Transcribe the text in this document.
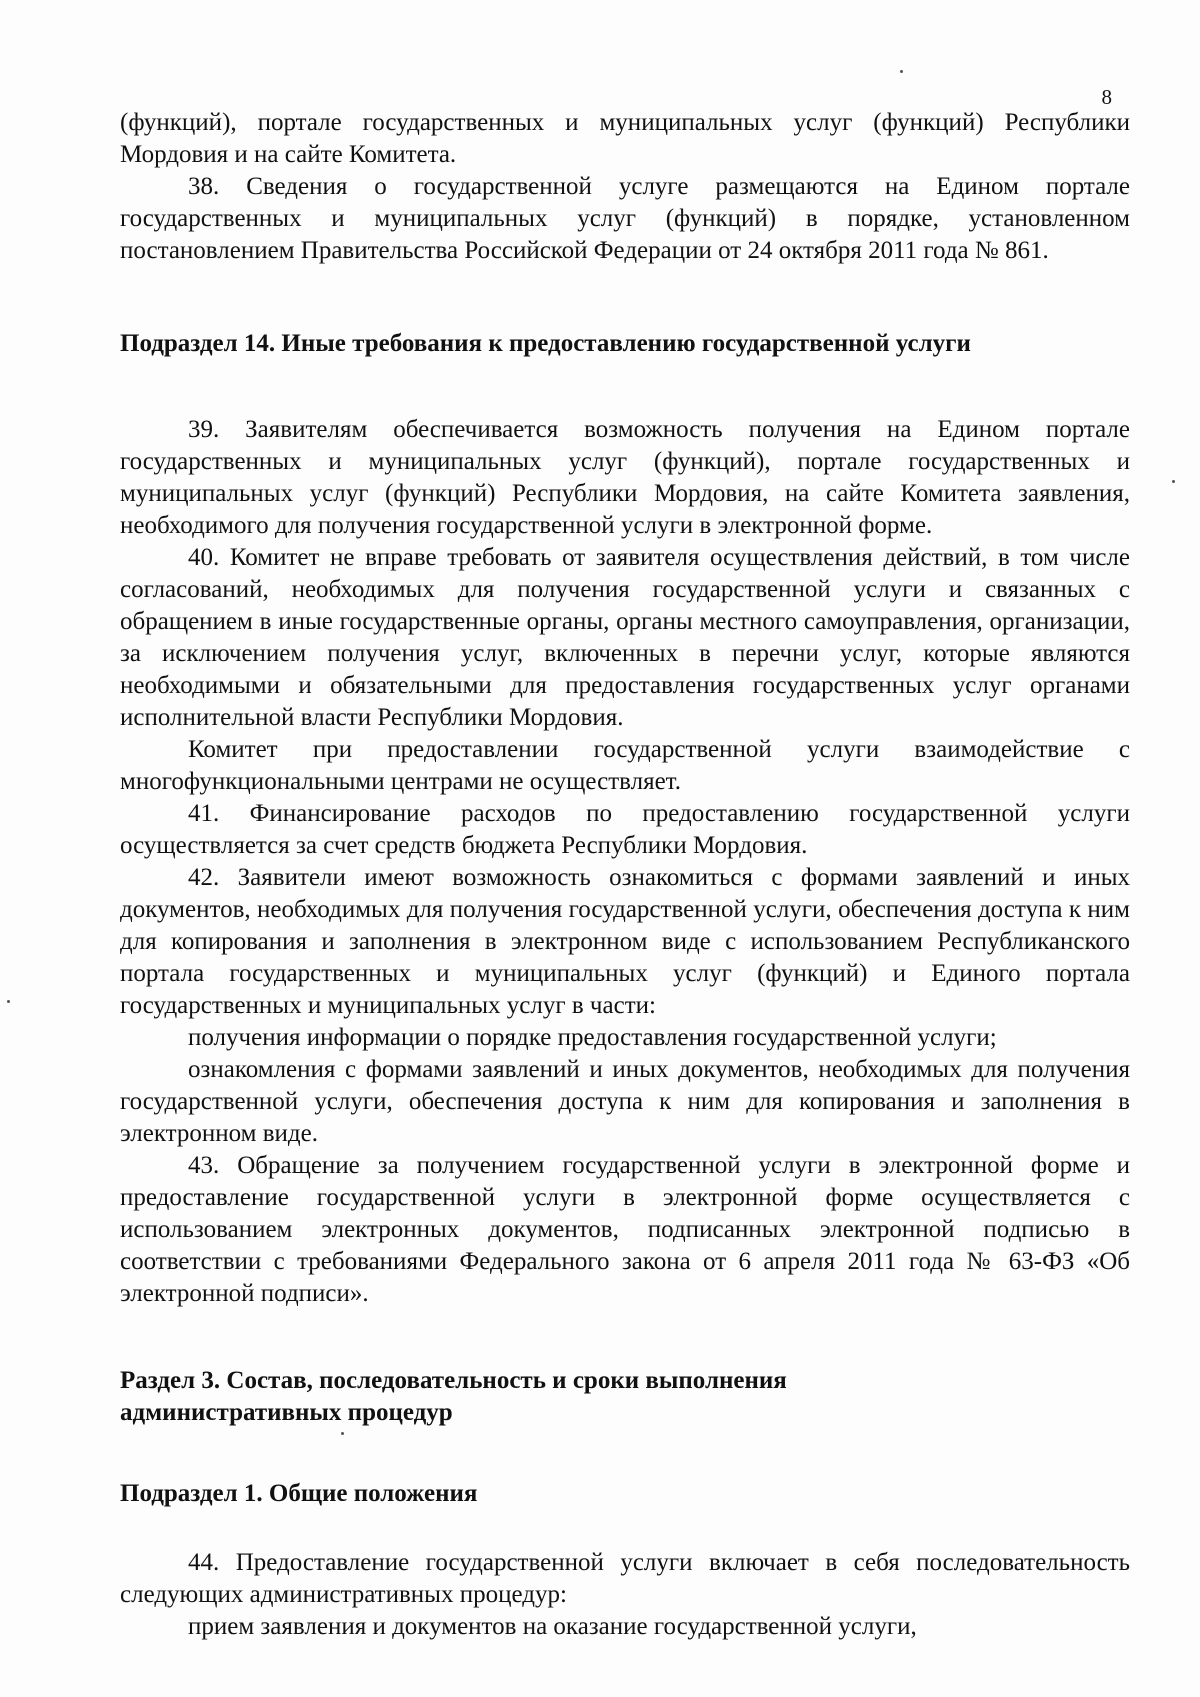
8

(функций), портале государственных и муниципальных услуг (функций) Республики Мордовия и на сайте Комитета.

38. Сведения о государственной услуге размещаются на Едином портале государственных и муниципальных услуг (функций) в порядке, установленном постановлением Правительства Российской Федерации от 24 октября 2011 года № 861.

Подраздел 14. Иные требования к предоставлению государственной услуги

39. Заявителям обеспечивается возможность получения на Едином портале государственных и муниципальных услуг (функций), портале государственных и муниципальных услуг (функций) Республики Мордовия, на сайте Комитета заявления, необходимого для получения государственной услуги в электронной форме.

40. Комитет не вправе требовать от заявителя осуществления действий, в том числе согласований, необходимых для получения государственной услуги и связанных с обращением в иные государственные органы, органы местного самоуправления, организации, за исключением получения услуг, включенных в перечни услуг, которые являются необходимыми и обязательными для предоставления государственных услуг органами исполнительной власти Республики Мордовия.

Комитет при предоставлении государственной услуги взаимодействие с многофункциональными центрами не осуществляет.

41. Финансирование расходов по предоставлению государственной услуги осуществляется за счет средств бюджета Республики Мордовия.

42. Заявители имеют возможность ознакомиться с формами заявлений и иных документов, необходимых для получения государственной услуги, обеспечения доступа к ним для копирования и заполнения в электронном виде с использованием Республиканского портала государственных и муниципальных услуг (функций) и Единого портала государственных и муниципальных услуг в части:

получения информации о порядке предоставления государственной услуги;

ознакомления с формами заявлений и иных документов, необходимых для получения государственной услуги, обеспечения доступа к ним для копирования и заполнения в электронном виде.

43. Обращение за получением государственной услуги в электронной форме и предоставление государственной услуги в электронной форме осуществляется с использованием электронных документов, подписанных электронной подписью в соответствии с требованиями Федерального закона от 6 апреля 2011 года № 63-ФЗ «Об электронной подписи».

Раздел 3. Состав, последовательность и сроки выполнения

административных процедур

Подраздел 1. Общие положения

44. Предоставление государственной услуги включает в себя последовательность следующих административных процедур:

прием заявления и документов на оказание государственной услуги,
